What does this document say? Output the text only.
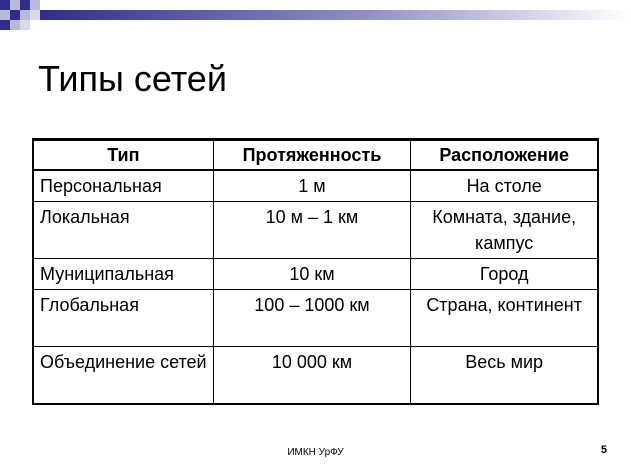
Типы сетей
Тип	Протяженность	Расположение
Персональная	1 м	На столе
Локальная	10 м – 1 км	Комната, здание, кампус
Муниципальная	10 км	Город
Глобальная	100 – 1000 км	Страна, континент
Объединение сетей	10 000 км	Весь мир
ИМКН УрФУ	5
